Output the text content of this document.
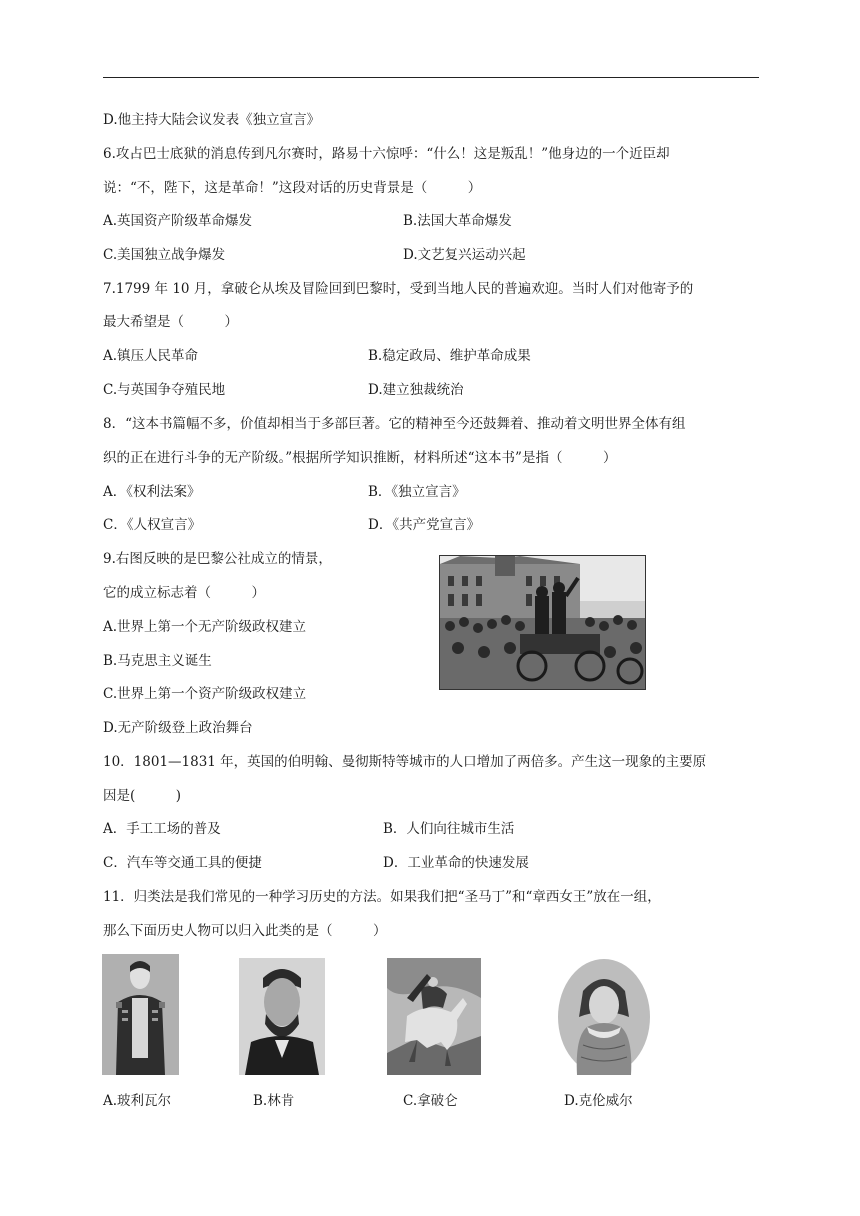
D.他主持大陆会议发表《独立宣言》
6.攻占巴士底狱的消息传到凡尔赛时，路易十六惊呼：“什么！这是叛乱！”他身边的一个近臣却
说：“不，陛下，这是革命！”这段对话的历史背景是（　　　）
A.英国资产阶级革命爆发	B.法国大革命爆发
C.美国独立战争爆发	D.文艺复兴运动兴起
7.1799 年 10 月，拿破仑从埃及冒险回到巴黎时，受到当地人民的普遍欢迎。当时人们对他寄予的
最大希望是（　　　）
A.镇压人民革命	B.稳定政局、维护革命成果
C.与英国争夺殖民地	D.建立独裁统治
8．“这本书篇幅不多，价值却相当于多部巨著。它的精神至今还鼓舞着、推动着文明世界全体有组
织的正在进行斗争的无产阶级。”根据所学知识推断，材料所述“这本书”是指（　　　）
A．《权利法案》	B．《独立宣言》
C．《人权宣言》	D．《共产党宣言》
9.右图反映的是巴黎公社成立的情景，
它的成立标志着（　　　）
A.世界上第一个无产阶级政权建立
B.马克思主义诞生
C.世界上第一个资产阶级政权建立
D.无产阶级登上政治舞台
10．1801—1831 年，英国的伯明翰、曼彻斯特等城市的人口增加了两倍多。产生这一现象的主要原
因是(　　　)
A．手工工场的普及	B．人们向往城市生活
C．汽车等交通工具的便捷	D．工业革命的快速发展
11．归类法是我们常见的一种学习历史的方法。如果我们把“圣马丁”和“章西女王”放在一组，
那么下面历史人物可以归入此类的是（　　　）
A.玻利瓦尔	B.林肯	C.拿破仑	D.克伦威尔
